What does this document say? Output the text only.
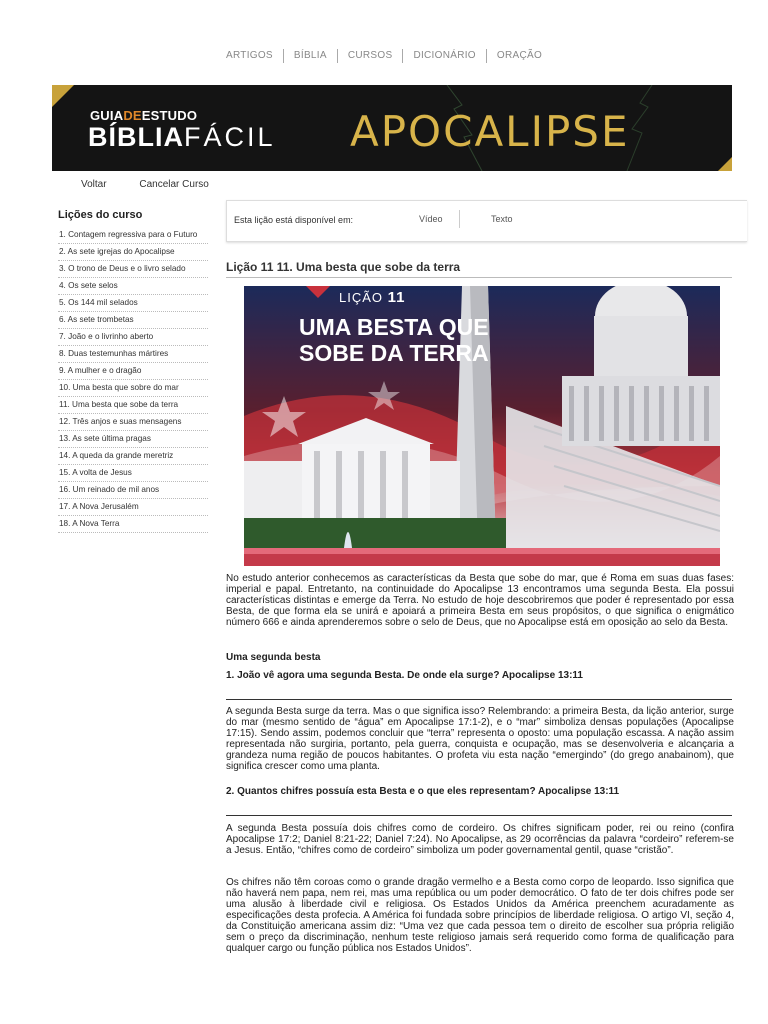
ARTIGOS	BÍBLIA	CURSOS	DICIONÁRIO	ORAÇÃO
GUIADEESTUDO
BÍBLIAFÁCIL APOCALIPSE
Voltar	Cancelar Curso
Lições do curso
1. Contagem regressiva para o Futuro
2. As sete igrejas do Apocalipse
3. O trono de Deus e o livro selado
4. Os sete selos
5. Os 144 mil selados
6. As sete trombetas
7. João e o livrinho aberto
8. Duas testemunhas mártires
9. A mulher e o dragão
10. Uma besta que sobre do mar
11. Uma besta que sobe da terra
12. Três anjos e suas mensagens
13. As sete última pragas
14. A queda da grande meretriz
15. A volta de Jesus
16. Um reinado de mil anos
17. A Nova Jerusalém
18. A Nova Terra
Esta lição está disponível em:	Vídeo	Texto
Lição 11 11. Uma besta que sobe da terra
LIÇÃO 11
UMA BESTA QUE
SOBE DA TERRA

No estudo anterior conhecemos as características da Besta que sobe do mar, que é Roma em suas duas fases: imperial e papal. Entretanto, na continuidade do Apocalipse 13 encontramos uma segunda Besta. Ela possui características distintas e emerge da Terra. No estudo de hoje descobriremos que poder é representado por essa Besta, de que forma ela se unirá e apoiará a primeira Besta em seus propósitos, o que significa o enigmático número 666 e ainda aprenderemos sobre o selo de Deus, que no Apocalipse está em oposição ao selo da Besta.

Uma segunda besta
1. João vê agora uma segunda Besta. De onde ela surge? Apocalipse 13:11

A segunda Besta surge da terra. Mas o que significa isso? Relembrando: a primeira Besta, da lição anterior, surge do mar (mesmo sentido de “água” em Apocalipse 17:1-2), e o “mar” simboliza densas populações (Apocalipse 17:15). Sendo assim, podemos concluir que “terra” representa o oposto: uma população escassa. A nação assim representada não surgiria, portanto, pela guerra, conquista e ocupação, mas se desenvolveria e alcançaria a grandeza numa região de poucos habitantes. O profeta viu esta nação “emergindo” (do grego anabainom), que significa crescer como uma planta.

2. Quantos chifres possuía esta Besta e o que eles representam? Apocalipse 13:11

A segunda Besta possuía dois chifres como de cordeiro. Os chifres significam poder, rei ou reino (confira Apocalipse 17:2; Daniel 8:21-22; Daniel 7:24). No Apocalipse, as 29 ocorrências da palavra “cordeiro” referem-se a Jesus. Então, “chifres como de cordeiro” simboliza um poder governamental gentil, quase “cristão”.

Os chifres não têm coroas como o grande dragão vermelho e a Besta como corpo de leopardo. Isso significa que não haverá nem papa, nem rei, mas uma república ou um poder democrático. O fato de ter dois chifres pode ser uma alusão à liberdade civil e religiosa. Os Estados Unidos da América preenchem acuradamente as especificações desta profecia. A América foi fundada sobre princípios de liberdade religiosa. O artigo VI, seção 4, da Constituição americana assim diz: “Uma vez que cada pessoa tem o direito de escolher sua própria religião sem o preço da discriminação, nenhum teste religioso jamais será requerido como forma de qualificação para qualquer cargo ou função pública nos Estados Unidos”.
